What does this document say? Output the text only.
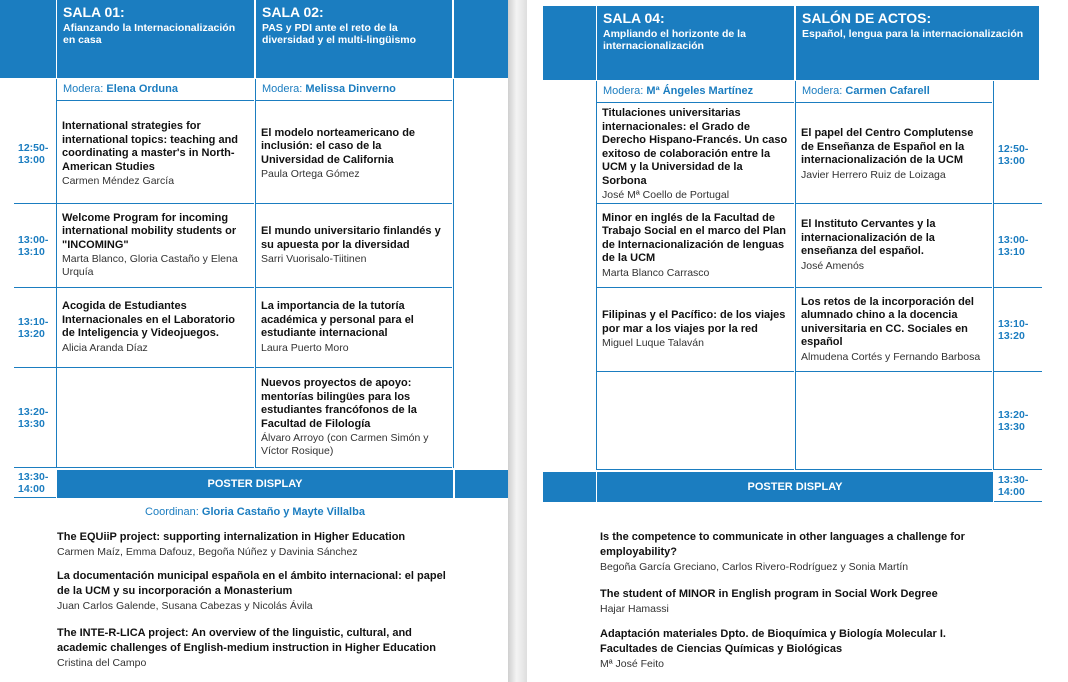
SALA 01:
Afianzando la Internacionalización en casa
SALA 02:
PAS y PDI ante el reto de la diversidad y el multi-lingüismo
Modera: Elena Orduna	Modera: Melissa Dinverno
12:50-
13:00
13:00-
13:10
13:10-
13:20
13:20-
13:30
13:30-
14:00
International strategies for international topics: teaching and coordinating a master's in North-American Studies
Carmen Méndez García
Welcome Program for incoming international mobility students or "INCOMING"
Marta Blanco, Gloria Castaño y Elena Urquía
Acogida de Estudiantes Internacionales en el Laboratorio de Inteligencia y Videojuegos.
Alicia Aranda Díaz
El modelo norteamericano de inclusión: el caso de la Universidad de California
Paula Ortega Gómez
El mundo universitario finlandés y su apuesta por la diversidad
Sarri Vuorisalo-Tiitinen
La importancia de la tutoría académica y personal para el estudiante internacional
Laura Puerto Moro
Nuevos proyectos de apoyo: mentorías bilingües para los estudiantes francófonos de la Facultad de Filología
Álvaro Arroyo (con Carmen Simón y Víctor Rosique)
POSTER DISPLAY
Coordinan: Gloria Castaño y Mayte Villalba
The EQUiiP project: supporting internalization in Higher Education
Carmen Maíz, Emma Dafouz, Begoña Núñez y Davinia Sánchez
La documentación municipal española en el ámbito internacional: el papel de la UCM y su incorporación a Monasterium
Juan Carlos Galende, Susana Cabezas y Nicolás Ávila
The INTE-R-LICA project: An overview of the linguistic, cultural, and academic challenges of English-medium instruction in Higher Education
Cristina del Campo
SALA 04:
Ampliando el horizonte de la internacionalización
SALÓN DE ACTOS:
Español, lengua para la internacionalización
Modera: Mª Ángeles Martínez	Modera: Carmen Cafarell
Titulaciones universitarias internacionales: el Grado de Derecho Hispano-Francés. Un caso exitoso de colaboración entre la UCM y la Universidad de la Sorbona
José Mª Coello de Portugal
Minor en inglés de la Facultad de Trabajo Social en el marco del Plan de Internacionalización de lenguas de la UCM
Marta Blanco Carrasco
Filipinas y el Pacífico: de los viajes por mar a los viajes por la red
Miguel Luque Talaván
El papel del Centro Complutense de Enseñanza de Español en la internacionalización de la UCM
Javier Herrero Ruiz de Loizaga
El Instituto Cervantes y la internacionalización de la enseñanza del español.
José Amenós
Los retos de la incorporación del alumnado chino a la docencia universitaria en CC. Sociales en español
Almudena Cortés y Fernando Barbosa
12:50-
13:00
13:00-
13:10
13:10-
13:20
13:20-
13:30
13:30-
14:00
POSTER DISPLAY
Is the competence to communicate in other languages a challenge for employability?
Begoña García Greciano, Carlos Rivero-Rodríguez y Sonia Martín
The student of MINOR in English program in Social Work Degree
Hajar Hamassi
Adaptación materiales Dpto. de Bioquímica y Biología Molecular I. Facultades de Ciencias Químicas y Biológicas
Mª José Feito
